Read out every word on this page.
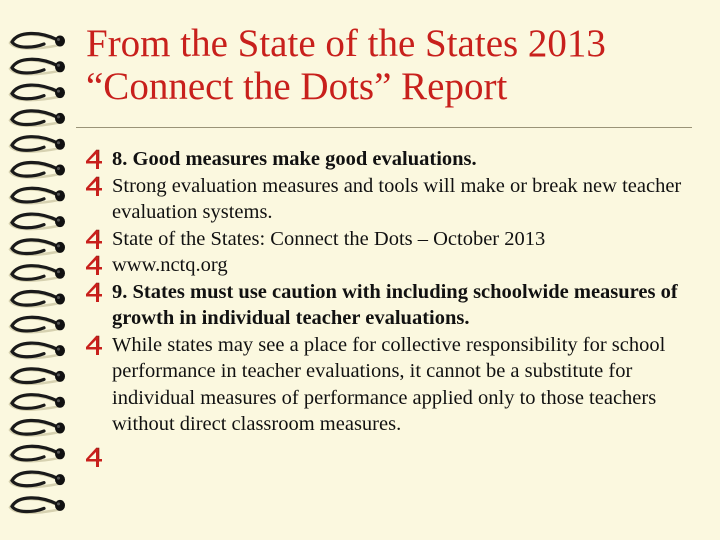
From the State of the States 2013
“Connect the Dots” Report
8. Good measures make good evaluations.
Strong evaluation measures and tools will make or break new teacher evaluation systems.
State of the States: Connect the Dots – October 2013
www.nctq.org
9. States must use caution with including schoolwide measures of growth in individual teacher evaluations.
While states may see a place for collective responsibility for school performance in teacher evaluations, it cannot be a substitute for individual measures of performance applied only to those teachers without direct classroom measures.
